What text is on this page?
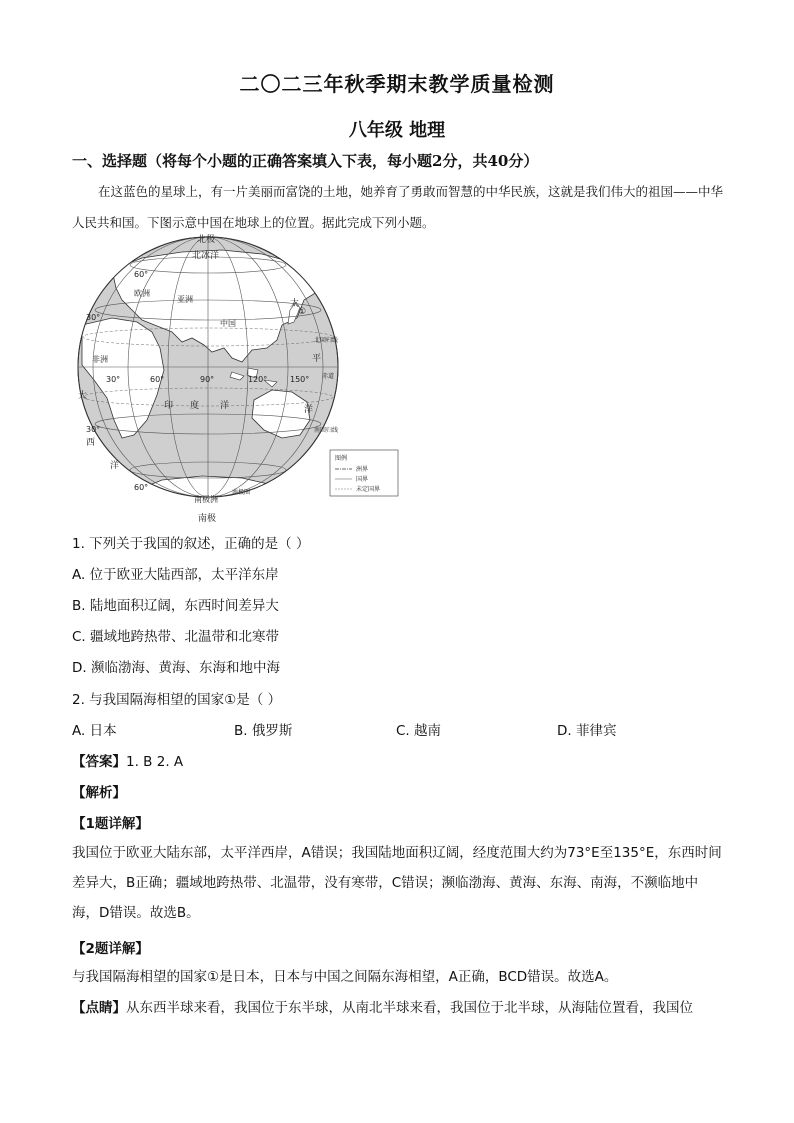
二〇二三年秋季期末教学质量检测
八年级 地理
一、选择题（将每个小题的正确答案填入下表，每小题2分，共40分）
在这蓝色的星球上，有一片美丽而富饶的土地，她养育了勇敢而智慧的中华民族，这就是我们伟大的祖国——中华人民共和国。下图示意中国在地球上的位置。据此完成下列小题。
北极
北冰洋
欧洲
亚洲
中国
非洲
太
平
洋
印 度 洋
大
西
洋
北回归线
赤道
南回归线
南极洲
南极圈
南极
①
60°
30°
30°
60°
30°	60°	90°	120°	150°
图例
洲界
国界
未定国界
1. 下列关于我国的叙述，正确的是（ ）
A. 位于欧亚大陆西部，太平洋东岸
B. 陆地面积辽阔，东西时间差异大
C. 疆域地跨热带、北温带和北寒带
D. 濒临渤海、黄海、东海和地中海
2. 与我国隔海相望的国家①是（ ）
A. 日本	B. 俄罗斯	C. 越南	D. 菲律宾
【答案】1. B 2. A
【解析】
【1题详解】
我国位于欧亚大陆东部，太平洋西岸，A错误；我国陆地面积辽阔，经度范围大约为73°E至135°E，东西时间差异大，B正确；疆域地跨热带、北温带，没有寒带，C错误；濒临渤海、黄海、东海、南海，不濒临地中海，D错误。故选B。
【2题详解】
与我国隔海相望的国家①是日本，日本与中国之间隔东海相望，A正确，BCD错误。故选A。
【点睛】从东西半球来看，我国位于东半球，从南北半球来看，我国位于北半球，从海陆位置看，我国位
